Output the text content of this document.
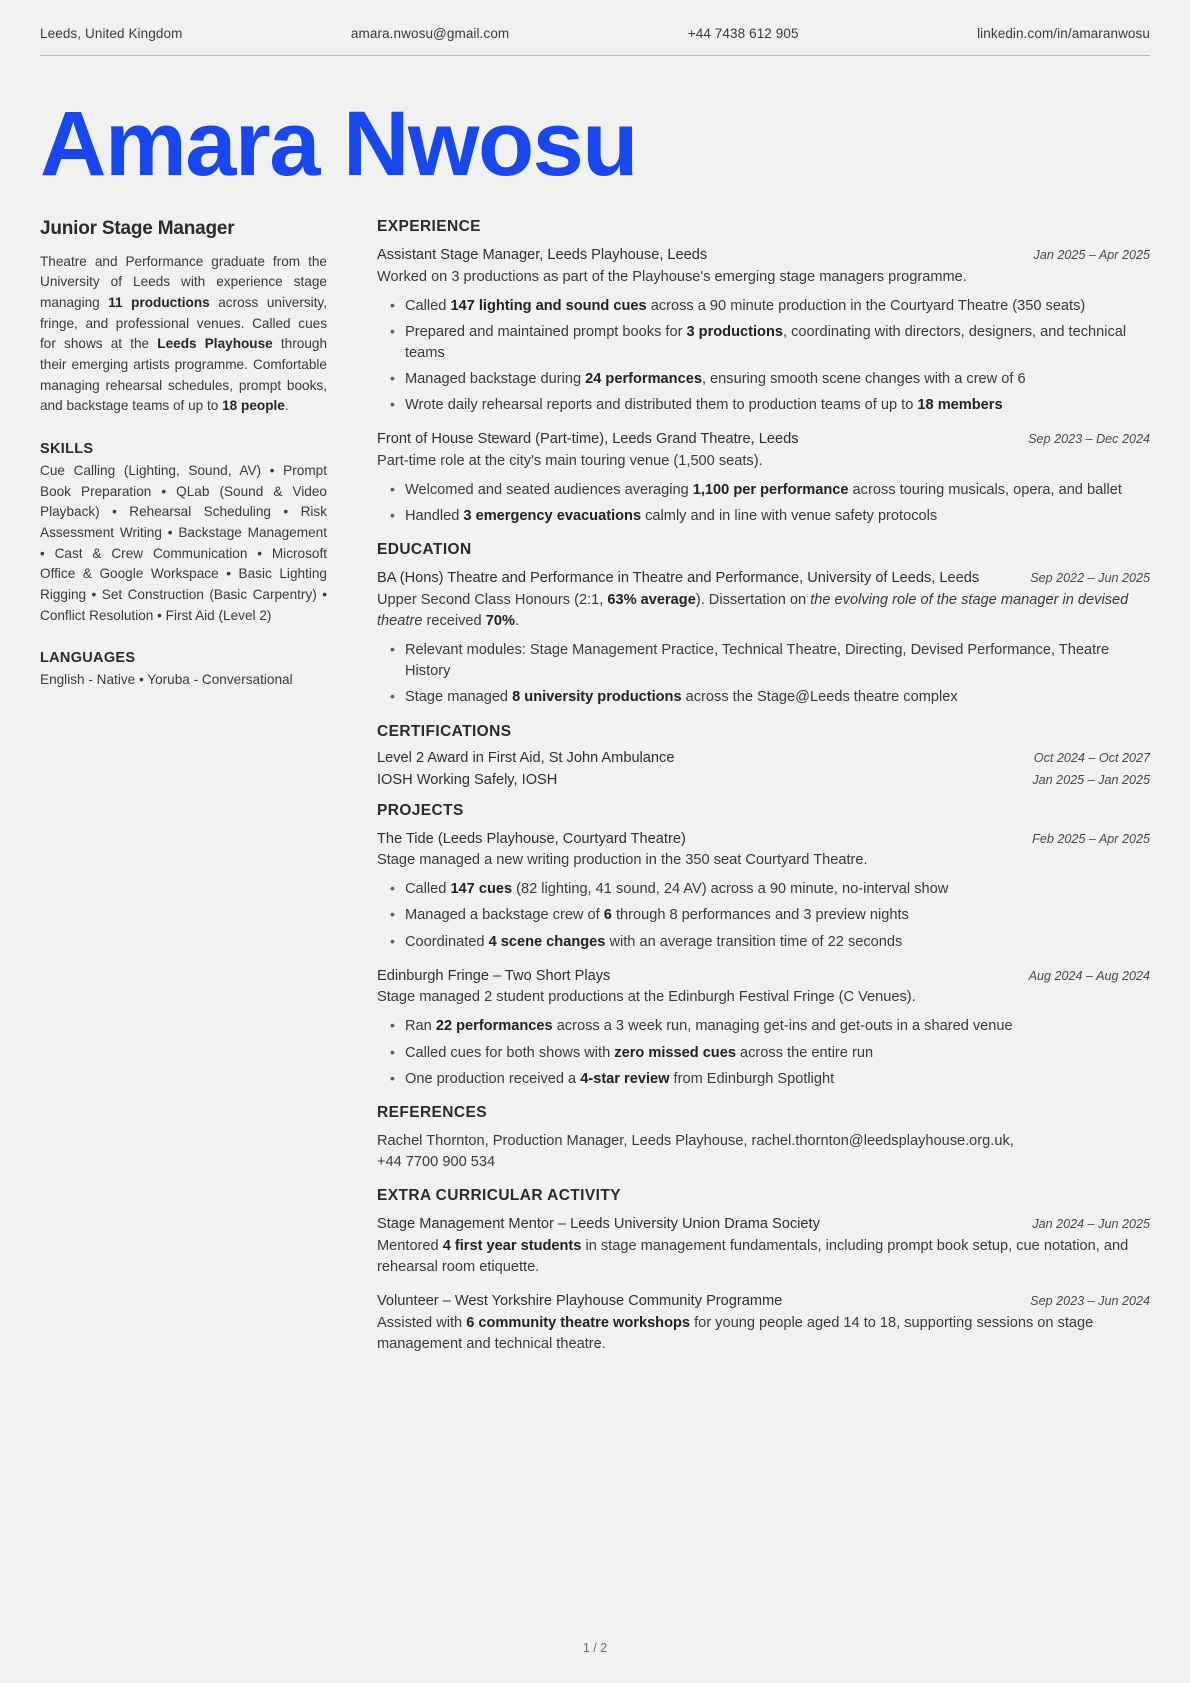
Leeds, United Kingdom	amara.nwosu@gmail.com	+44 7438 612 905	linkedin.com/in/amaranwosu
Amara Nwosu
Junior Stage Manager

Theatre and Performance graduate from the University of Leeds with experience stage managing 11 productions across university, fringe, and professional venues. Called cues for shows at the Leeds Playhouse through their emerging artists programme. Comfortable managing rehearsal schedules, prompt books, and backstage teams of up to 18 people.

SKILLS

Cue Calling (Lighting, Sound, AV) • Prompt Book Preparation • QLab (Sound & Video Playback) • Rehearsal Scheduling • Risk Assessment Writing • Backstage Management • Cast & Crew Communication • Microsoft Office & Google Workspace • Basic Lighting Rigging • Set Construction (Basic Carpentry) • Conflict Resolution • First Aid (Level 2)

LANGUAGES

English - Native • Yoruba - Conversational

EXPERIENCE
Assistant Stage Manager, Leeds Playhouse, Leeds	Jan 2025 – Apr 2025
Worked on 3 productions as part of the Playhouse's emerging stage managers programme.
• Called 147 lighting and sound cues across a 90 minute production in the Courtyard Theatre (350 seats)
• Prepared and maintained prompt books for 3 productions, coordinating with directors, designers, and technical teams
• Managed backstage during 24 performances, ensuring smooth scene changes with a crew of 6
• Wrote daily rehearsal reports and distributed them to production teams of up to 18 members
Front of House Steward (Part-time), Leeds Grand Theatre, Leeds	Sep 2023 – Dec 2024
Part-time role at the city's main touring venue (1,500 seats).
• Welcomed and seated audiences averaging 1,100 per performance across touring musicals, opera, and ballet
• Handled 3 emergency evacuations calmly and in line with venue safety protocols
EDUCATION
BA (Hons) Theatre and Performance in Theatre and Performance, University of Leeds, Leeds	Sep 2022 – Jun 2025
Upper Second Class Honours (2:1, 63% average). Dissertation on the evolving role of the stage manager in devised theatre received 70%.
• Relevant modules: Stage Management Practice, Technical Theatre, Directing, Devised Performance, Theatre History
• Stage managed 8 university productions across the Stage@Leeds theatre complex
CERTIFICATIONS
Level 2 Award in First Aid, St John Ambulance	Oct 2024 – Oct 2027
IOSH Working Safely, IOSH	Jan 2025 – Jan 2025
PROJECTS
The Tide (Leeds Playhouse, Courtyard Theatre)	Feb 2025 – Apr 2025
Stage managed a new writing production in the 350 seat Courtyard Theatre.
• Called 147 cues (82 lighting, 41 sound, 24 AV) across a 90 minute, no-interval show
• Managed a backstage crew of 6 through 8 performances and 3 preview nights
• Coordinated 4 scene changes with an average transition time of 22 seconds
Edinburgh Fringe – Two Short Plays	Aug 2024 – Aug 2024
Stage managed 2 student productions at the Edinburgh Festival Fringe (C Venues).
• Ran 22 performances across a 3 week run, managing get-ins and get-outs in a shared venue
• Called cues for both shows with zero missed cues across the entire run
• One production received a 4-star review from Edinburgh Spotlight
REFERENCES
Rachel Thornton, Production Manager, Leeds Playhouse, rachel.thornton@leedsplayhouse.org.uk,
+44 7700 900 534
EXTRA CURRICULAR ACTIVITY
Stage Management Mentor – Leeds University Union Drama Society	Jan 2024 – Jun 2025
Mentored 4 first year students in stage management fundamentals, including prompt book setup, cue notation, and rehearsal room etiquette.
Volunteer – West Yorkshire Playhouse Community Programme	Sep 2023 – Jun 2024
Assisted with 6 community theatre workshops for young people aged 14 to 18, supporting sessions on stage management and technical theatre.
1 / 2
